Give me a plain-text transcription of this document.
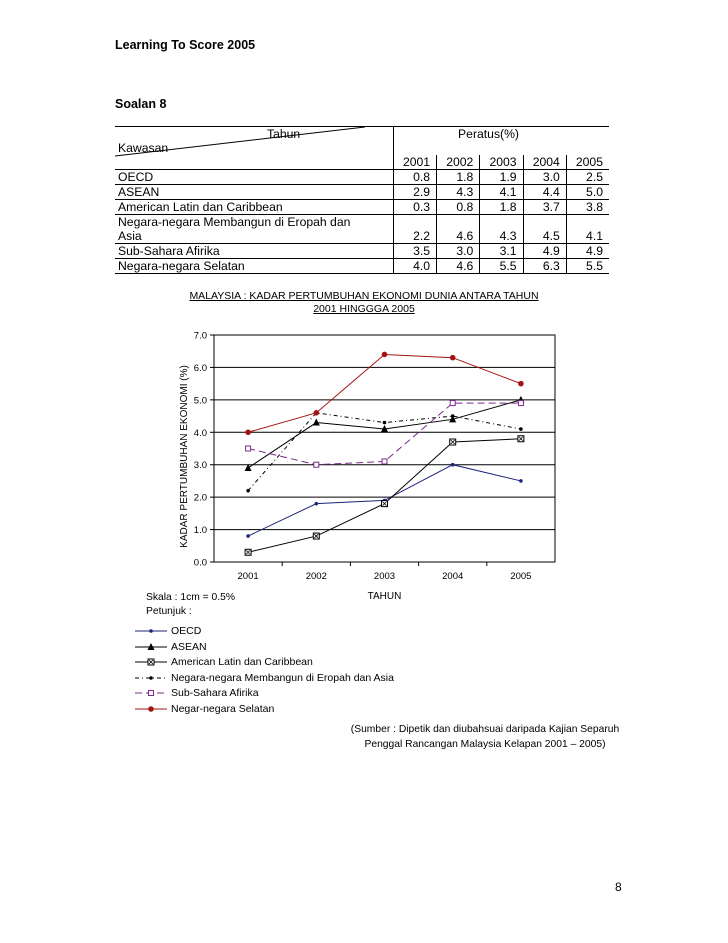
Learning To Score 2005
Soalan 8
Tahun
Kawasan	Peratus(%)				
	2001	2002	2003	2004	2005
OECD	0.8	1.8	1.9	3.0	2.5
ASEAN	2.9	4.3	4.1	4.4	5.0
American Latin dan Caribbean	0.3	0.8	1.8	3.7	3.8

Negara-negara Membangun di Eropah dan
Asia	2.2	4.6	4.3	4.5	4.1
Sub-Sahara Afirika	3.5	3.0	3.1	4.9	4.9
Negara-negara Selatan	4.0	4.6	5.5	6.3	5.5
MALAYSIA : KADAR PERTUMBUHAN EKONOMI DUNIA ANTARA TAHUN
2001 HINGGGA 2005
0.0
1.0
2.0
3.0
4.0
5.0
6.0
7.0
2001	2002	2003	2004	2005
TAHUN
KADAR PERTUMBUHAN EKONOMI (%)
Skala : 1cm = 0.5%
Petunjuk :
OECD
ASEAN
American Latin dan Caribbean
Negara-negara Membangun di Eropah dan Asia
Sub-Sahara Afirika
Negar-negara Selatan
(Sumber : Dipetik dan diubahsuai daripada Kajian Separuh
Penggal Rancangan Malaysia Kelapan 2001 – 2005)
8
